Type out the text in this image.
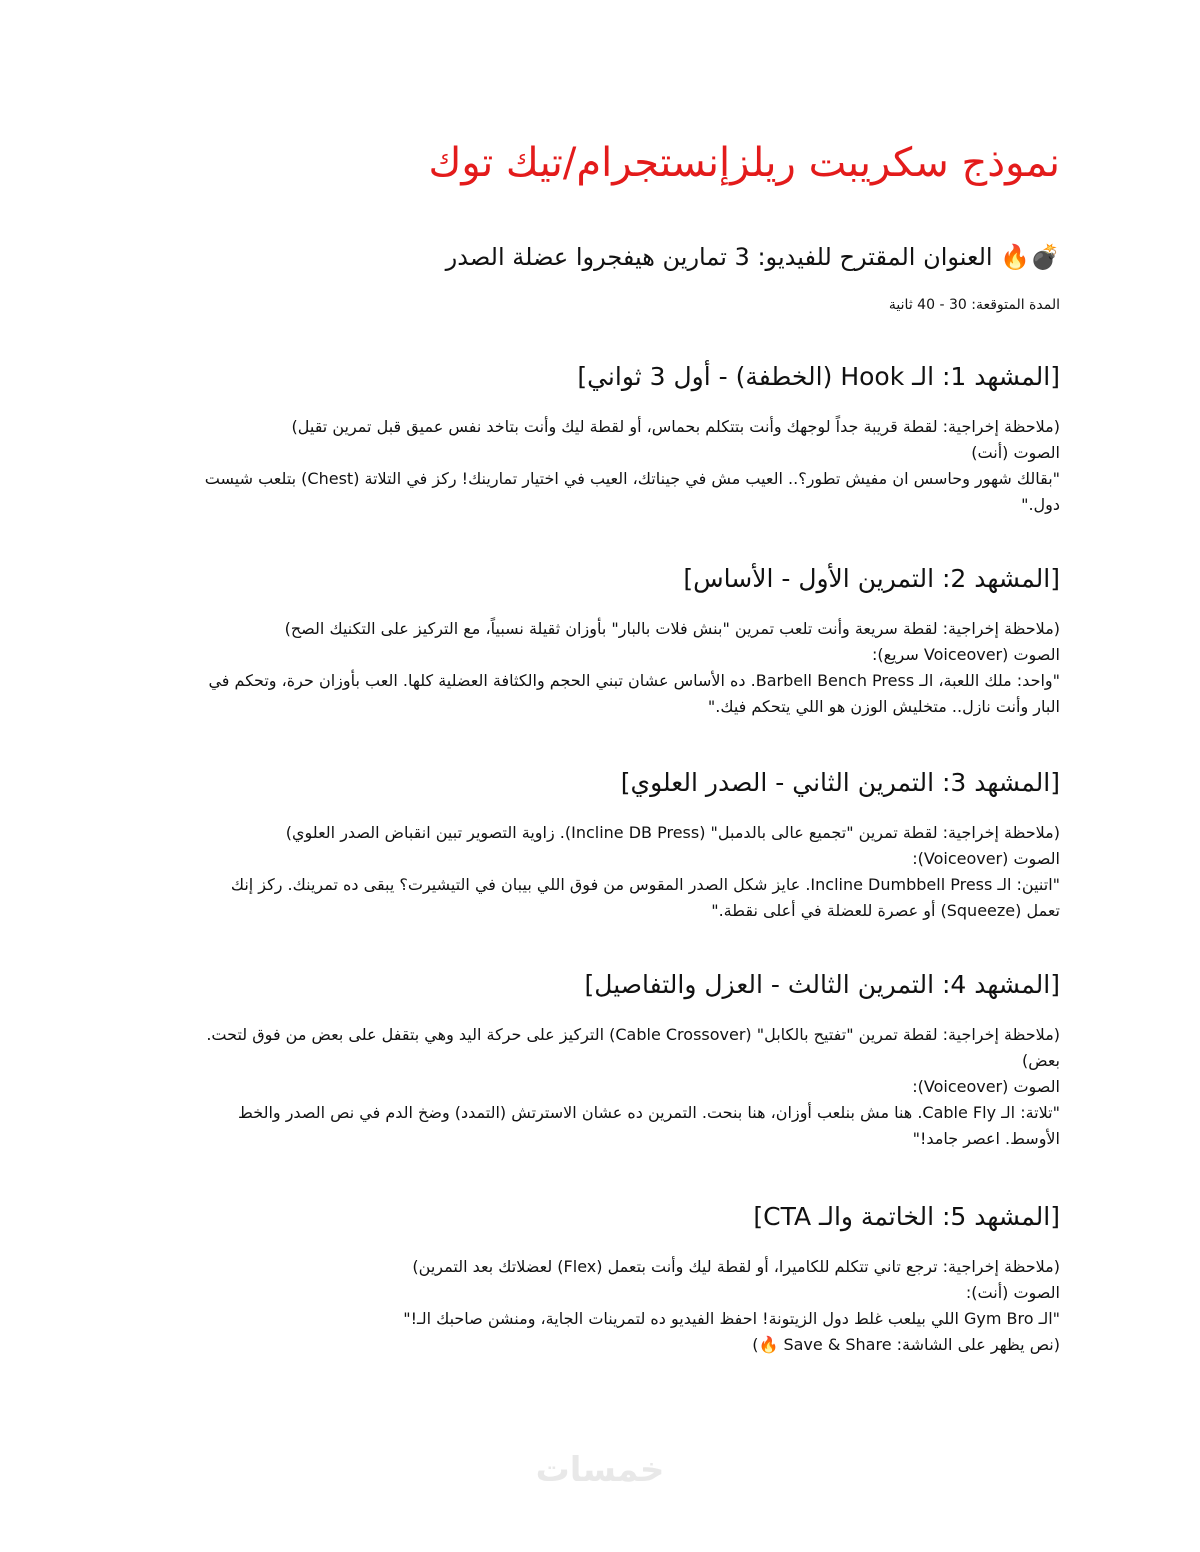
نموذج سكريبت ريلزإنستجرام/تيك توك
💣🔥 العنوان المقترح للفيديو: 3 تمارين هيفجروا عضلة الصدر
المدة المتوقعة: 30 - 40 ثانية
[المشهد 1: الـ Hook (الخطفة) - أول 3 ثواني]
(ملاحظة إخراجية: لقطة قريبة جداً لوجهك وأنت بتتكلم بحماس، أو لقطة ليك وأنت بتاخد نفس عميق قبل تمرين تقيل)
الصوت (أنت)
"بقالك شهور وحاسس ان مفيش تطور؟.. العيب مش في جيناتك، العيب في اختيار تمارينك! ركز في التلاتة (Chest) بتلعب شيست
دول."
[المشهد 2: التمرين الأول - الأساس]
(ملاحظة إخراجية: لقطة سريعة وأنت تلعب تمرين "بنش فلات بالبار" بأوزان ثقيلة نسبياً، مع التركيز على التكنيك الصح)
الصوت (Voiceover سريع):
"واحد: ملك اللعبة، الـ Barbell Bench Press. ده الأساس عشان تبني الحجم والكثافة العضلية كلها. العب بأوزان حرة، وتحكم في
البار وأنت نازل.. متخليش الوزن هو اللي يتحكم فيك."
[المشهد 3: التمرين الثاني - الصدر العلوي]
(ملاحظة إخراجية: لقطة تمرين "تجميع عالى بالدمبل" (Incline DB Press). زاوية التصوير تبين انقباض الصدر العلوي)
الصوت (Voiceover):
"اتنين: الـ Incline Dumbbell Press. عايز شكل الصدر المقوس من فوق اللي بيبان في التيشيرت؟ يبقى ده تمرينك. ركز إنك
تعمل (Squeeze) أو عصرة للعضلة في أعلى نقطة."
[المشهد 4: التمرين الثالث - العزل والتفاصيل]
(ملاحظة إخراجية: لقطة تمرين "تفتيح بالكابل" (Cable Crossover) التركيز على حركة اليد وهي بتقفل على بعض من فوق لتحت.
بعض)
الصوت (Voiceover):
"تلاتة: الـ Cable Fly. هنا مش بنلعب أوزان، هنا بنحت. التمرين ده عشان الاسترتش (التمدد) وضخ الدم في نص الصدر والخط
الأوسط. اعصر جامد!"
[المشهد 5: الخاتمة والـ CTA]
(ملاحظة إخراجية: ترجع تاني تتكلم للكاميرا، أو لقطة ليك وأنت بتعمل (Flex) لعضلاتك بعد التمرين)
الصوت (أنت):
"الـ Gym Bro اللي بيلعب غلط دول الزيتونة! احفظ الفيديو ده لتمرينات الجاية، ومنشن صاحبك الـ!"
(نص يظهر على الشاشة: Save & Share 🔥)
خمسات
